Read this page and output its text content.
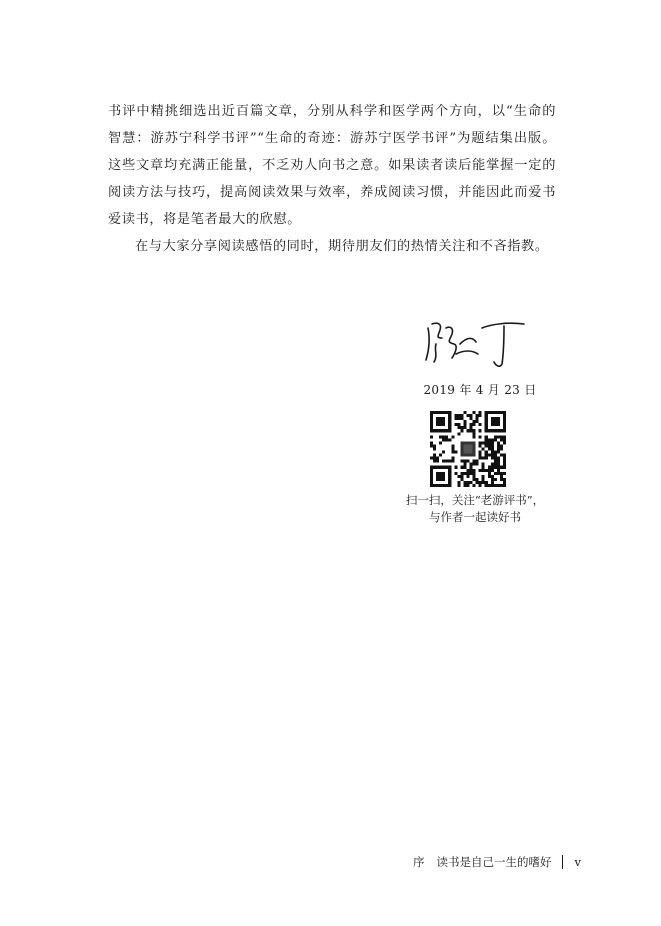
书评中精挑细选出近百篇文章，分别从科学和医学两个方向，以“生命的智慧：游苏宁科学书评”“生命的奇迹：游苏宁医学书评”为题结集出版。这些文章均充满正能量，不乏劝人向书之意。如果读者读后能掌握一定的阅读方法与技巧，提高阅读效果与效率，养成阅读习惯，并能因此而爱书爱读书，将是笔者最大的欣慰。

在与大家分享阅读感悟的同时，期待朋友们的热情关注和不吝指教。

2019 年 4 月 23 日
扫一扫，关注“老游评书”，
与作者一起读好书
序 读书是自己一生的嗜好 v
